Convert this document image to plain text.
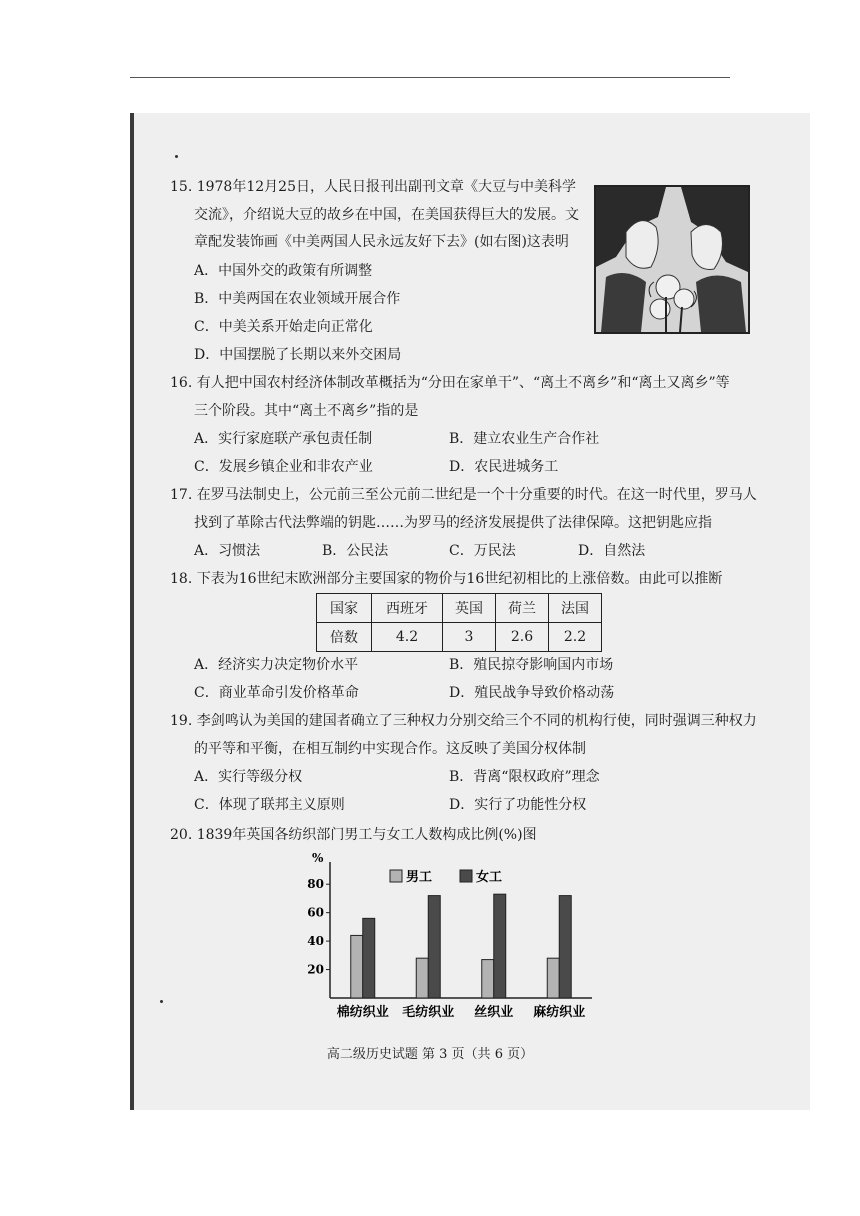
15. 1978年12月25日，人民日报刊出副刊文章《大豆与中美科学
交流》，介绍说大豆的故乡在中国，在美国获得巨大的发展。文
章配发装饰画《中美两国人民永远友好下去》(如右图)这表明
A．中国外交的政策有所调整
B．中美两国在农业领域开展合作
C．中美关系开始走向正常化
D．中国摆脱了长期以来外交困局
16. 有人把中国农村经济体制改革概括为“分田在家单干”、“离土不离乡”和“离土又离乡”等
三个阶段。其中“离土不离乡”指的是
A．实行家庭联产承包责任制	B．建立农业生产合作社
C．发展乡镇企业和非农产业	D．农民进城务工
17. 在罗马法制史上，公元前三至公元前二世纪是一个十分重要的时代。在这一时代里，罗马人
找到了革除古代法弊端的钥匙……为罗马的经济发展提供了法律保障。这把钥匙应指
A．习惯法	B．公民法	C．万民法	D．自然法
18. 下表为16世纪末欧洲部分主要国家的物价与16世纪初相比的上涨倍数。由此可以推断
国家	西班牙	英国	荷兰	法国
倍数	4.2	3	2.6	2.2
A．经济实力决定物价水平	B．殖民掠夺影响国内市场
C．商业革命引发价格革命	D．殖民战争导致价格动荡
19. 李剑鸣认为美国的建国者确立了三种权力分别交给三个不同的机构行使，同时强调三种权力
的平等和平衡，在相互制约中实现合作。这反映了美国分权体制
A．实行等级分权	B．背离“限权政府”理念
C．体现了联邦主义原则	D．实行了功能性分权
20. 1839年英国各纺织部门男工与女工人数构成比例(%)图
%
20
40
60
80	男工	女工
棉纺织业 毛纺织业 丝织业 麻纺织业
高二级历史试题 第 3 页（共 6 页）
